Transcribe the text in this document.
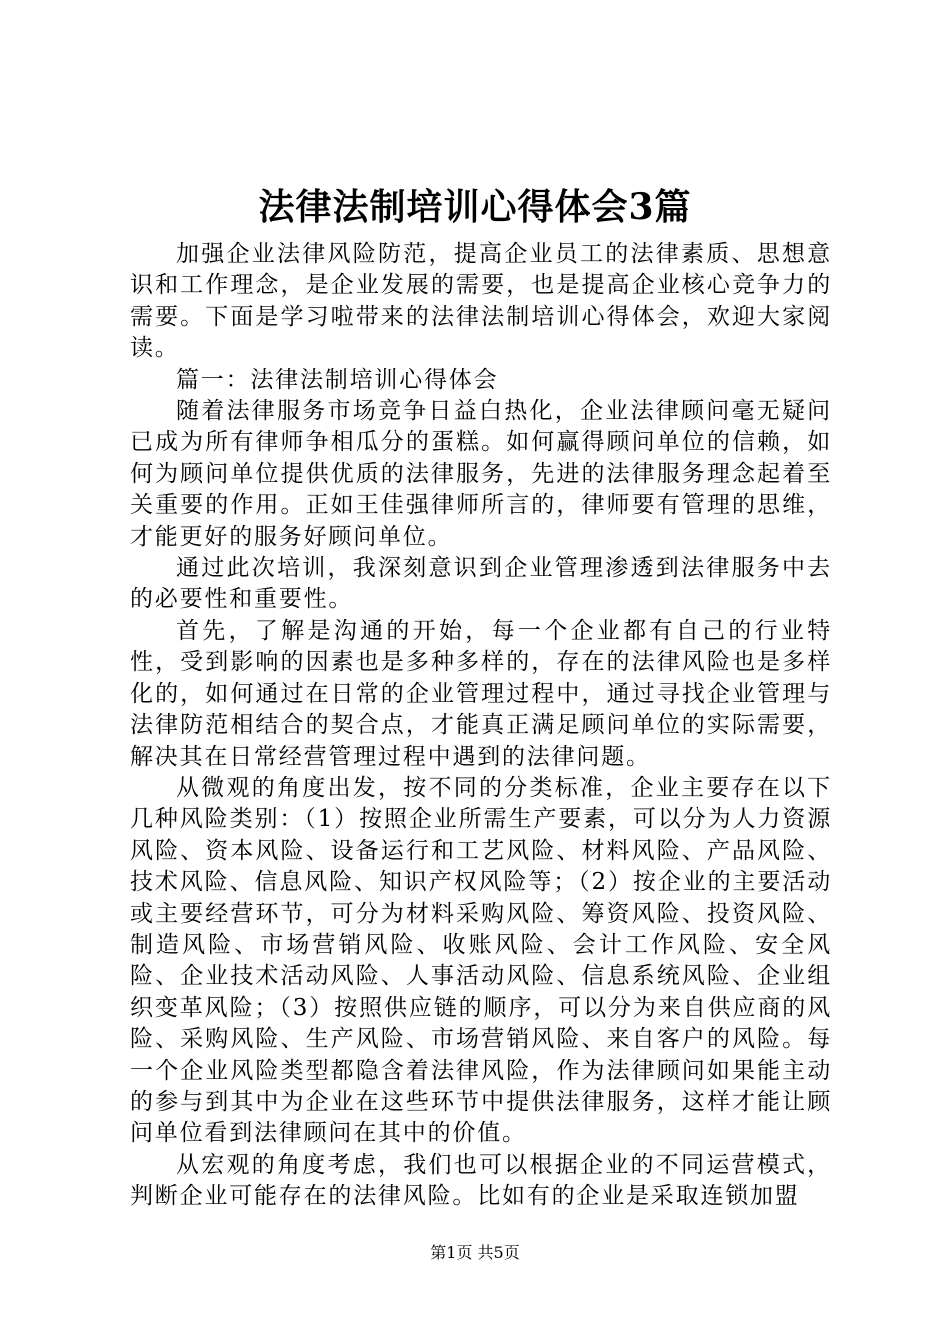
法律法制培训心得体会3篇

加强企业法律风险防范，提高企业员工的法律素质、思想意识和工作理念，是企业发展的需要，也是提高企业核心竞争力的需要。下面是学习啦带来的法律法制培训心得体会，欢迎大家阅读。

篇一：法律法制培训心得体会

随着法律服务市场竞争日益白热化，企业法律顾问毫无疑问已成为所有律师争相瓜分的蛋糕。如何赢得顾问单位的信赖，如何为顾问单位提供优质的法律服务，先进的法律服务理念起着至关重要的作用。正如王佳强律师所言的，律师要有管理的思维，才能更好的服务好顾问单位。

通过此次培训，我深刻意识到企业管理渗透到法律服务中去的必要性和重要性。

首先，了解是沟通的开始，每一个企业都有自己的行业特性，受到影响的因素也是多种多样的，存在的法律风险也是多样化的，如何通过在日常的企业管理过程中，通过寻找企业管理与法律防范相结合的契合点，才能真正满足顾问单位的实际需要，解决其在日常经营管理过程中遇到的法律问题。

从微观的角度出发，按不同的分类标准，企业主要存在以下几种风险类别：（1）按照企业所需生产要素，可以分为人力资源风险、资本风险、设备运行和工艺风险、材料风险、产品风险、技术风险、信息风险、知识产权风险等；（2）按企业的主要活动或主要经营环节，可分为材料采购风险、筹资风险、投资风险、制造风险、市场营销风险、收账风险、会计工作风险、安全风险、企业技术活动风险、人事活动风险、信息系统风险、企业组织变革风险；（3）按照供应链的顺序，可以分为来自供应商的风险、采购风险、生产风险、市场营销风险、来自客户的风险。每一个企业风险类型都隐含着法律风险，作为法律顾问如果能主动的参与到其中为企业在这些环节中提供法律服务，这样才能让顾问单位看到法律顾问在其中的价值。

从宏观的角度考虑，我们也可以根据企业的不同运营模式，判断企业可能存在的法律风险。比如有的企业是采取连锁加盟

第1页 共5页
